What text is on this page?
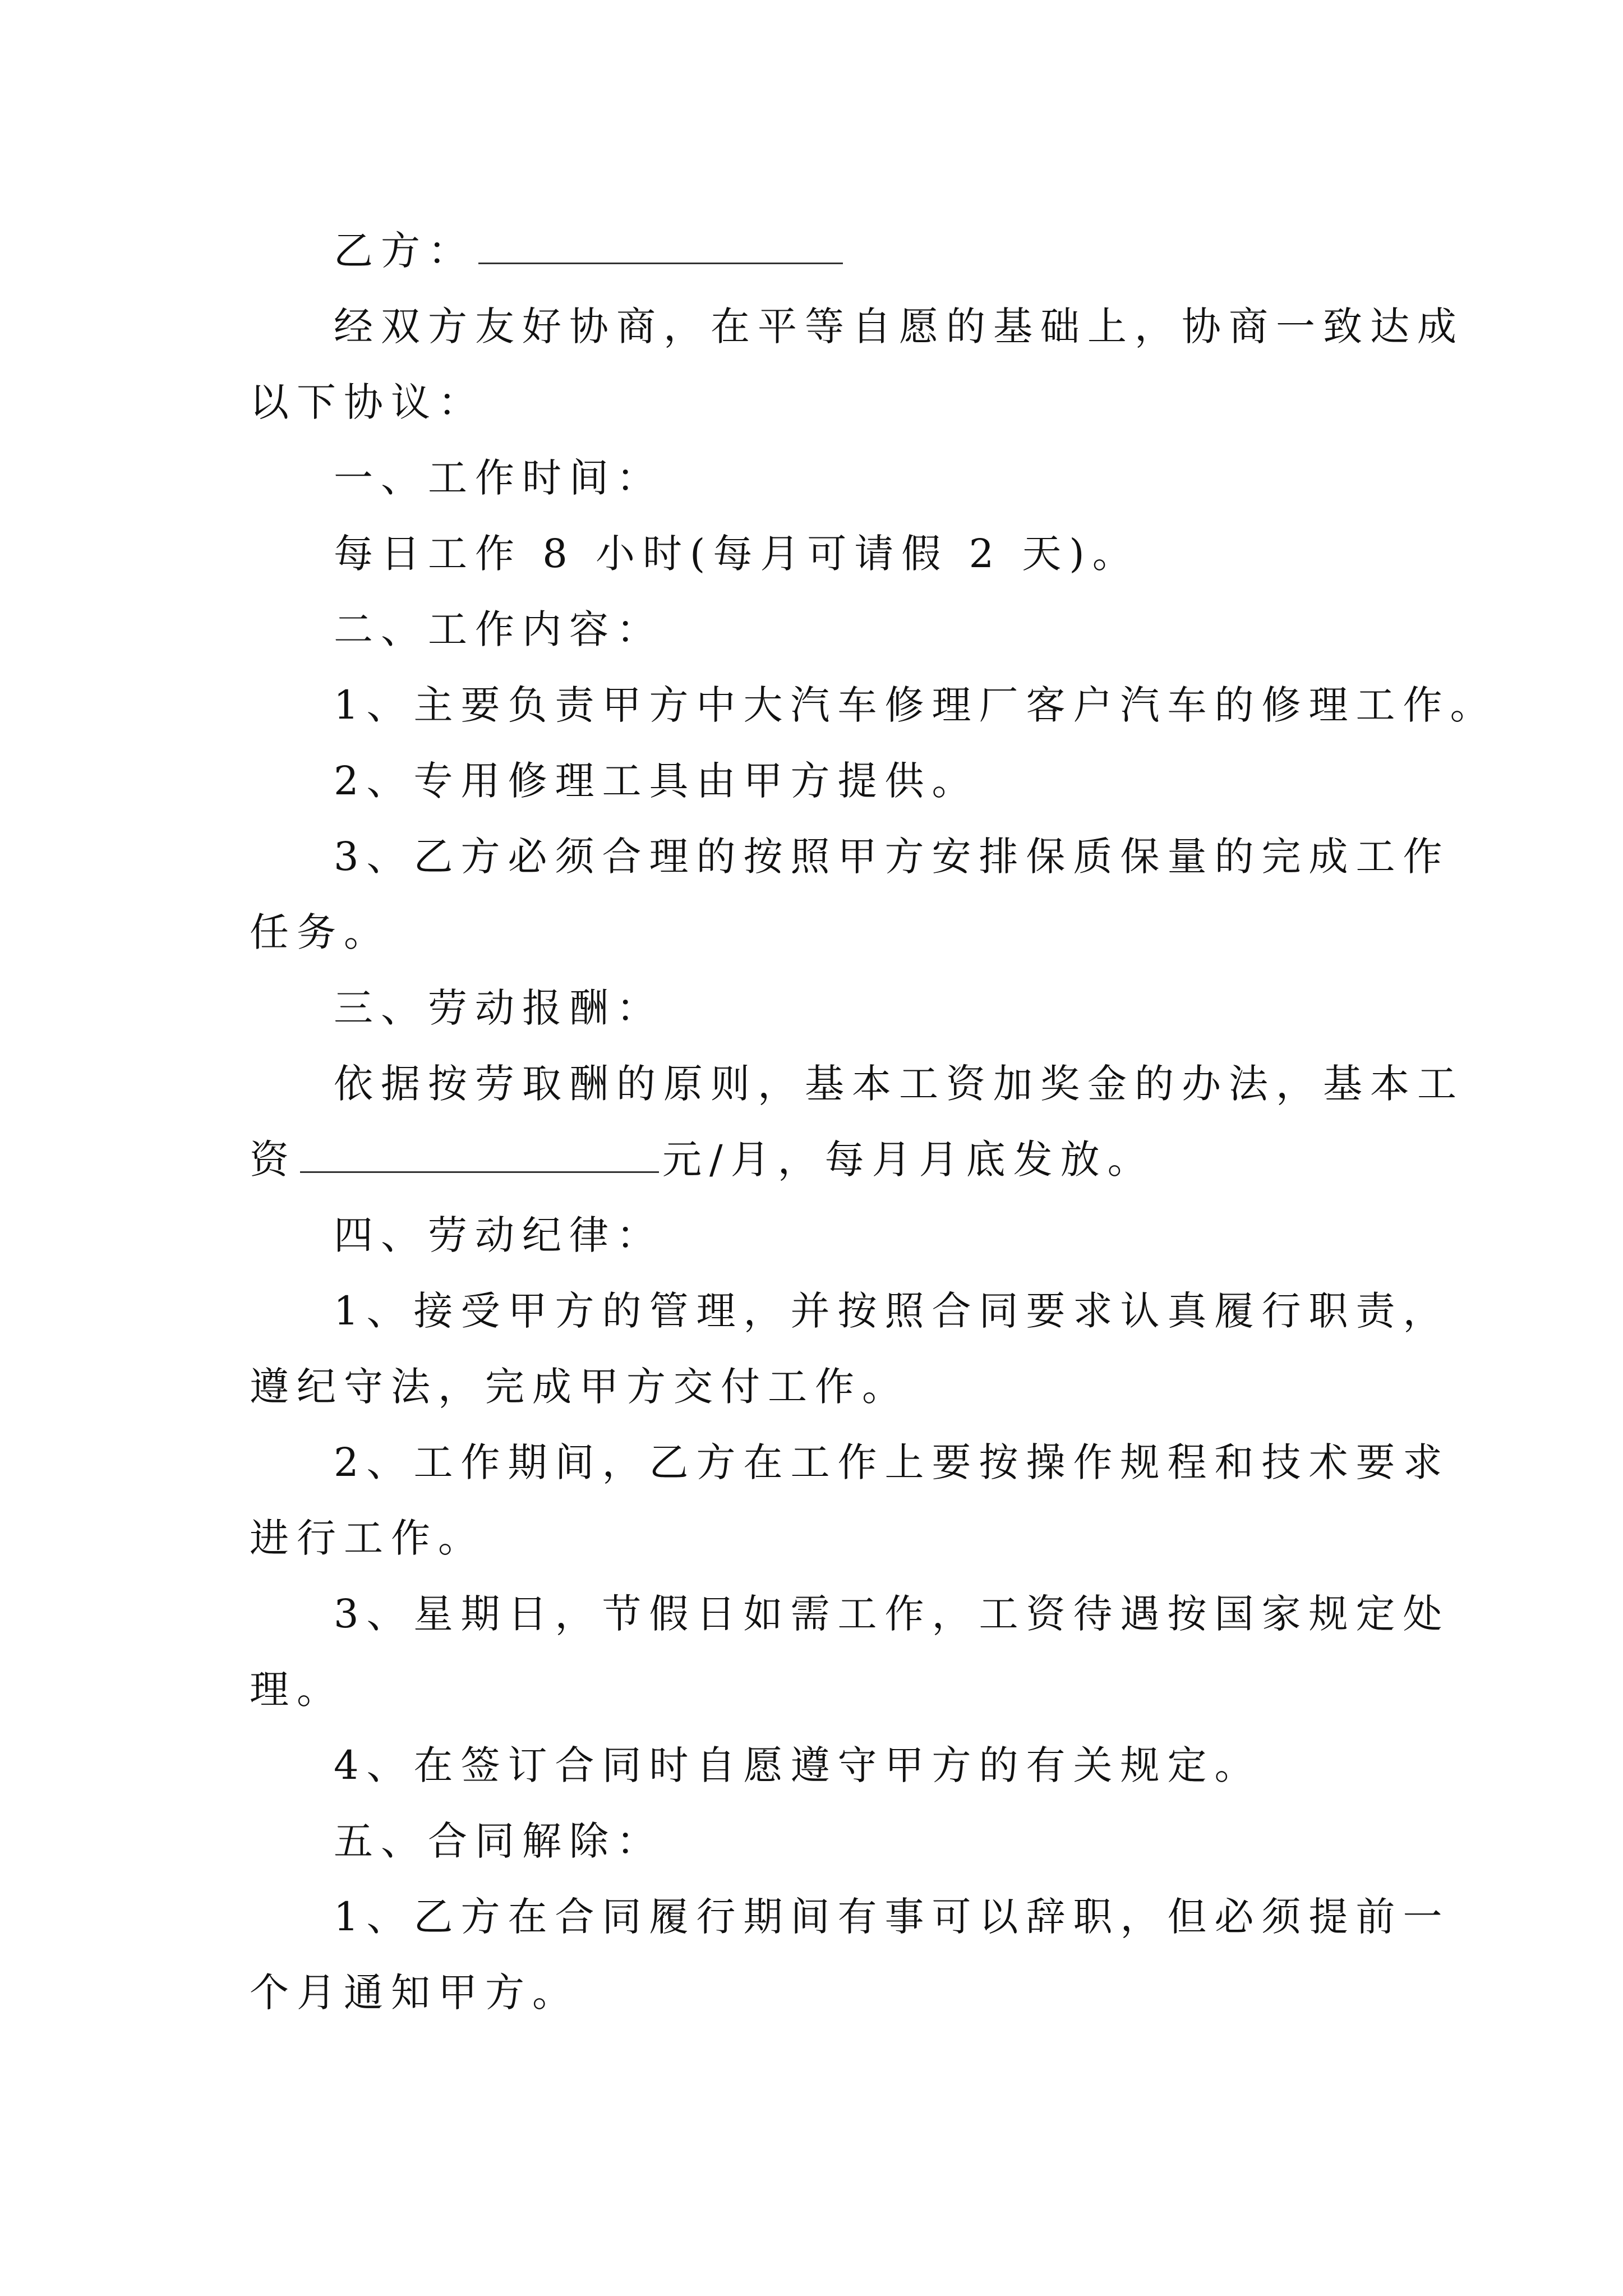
乙方：
经双方友好协商，在平等自愿的基础上，协商一致达成
以下协议：
一、工作时间：
每日工作 8 小时(每月可请假 2 天)。
二、工作内容：
1、主要负责甲方中大汽车修理厂客户汽车的修理工作。
2、专用修理工具由甲方提供。
3、乙方必须合理的按照甲方安排保质保量的完成工作
任务。
三、劳动报酬：
依据按劳取酬的原则，基本工资加奖金的办法，基本工
资	元/月，每月月底发放。
四、劳动纪律：
1、接受甲方的管理，并按照合同要求认真履行职责，
遵纪守法，完成甲方交付工作。
2、工作期间，乙方在工作上要按操作规程和技术要求
进行工作。
3、星期日，节假日如需工作，工资待遇按国家规定处
理。
4、在签订合同时自愿遵守甲方的有关规定。
五、合同解除：
1、乙方在合同履行期间有事可以辞职，但必须提前一
个月通知甲方。
